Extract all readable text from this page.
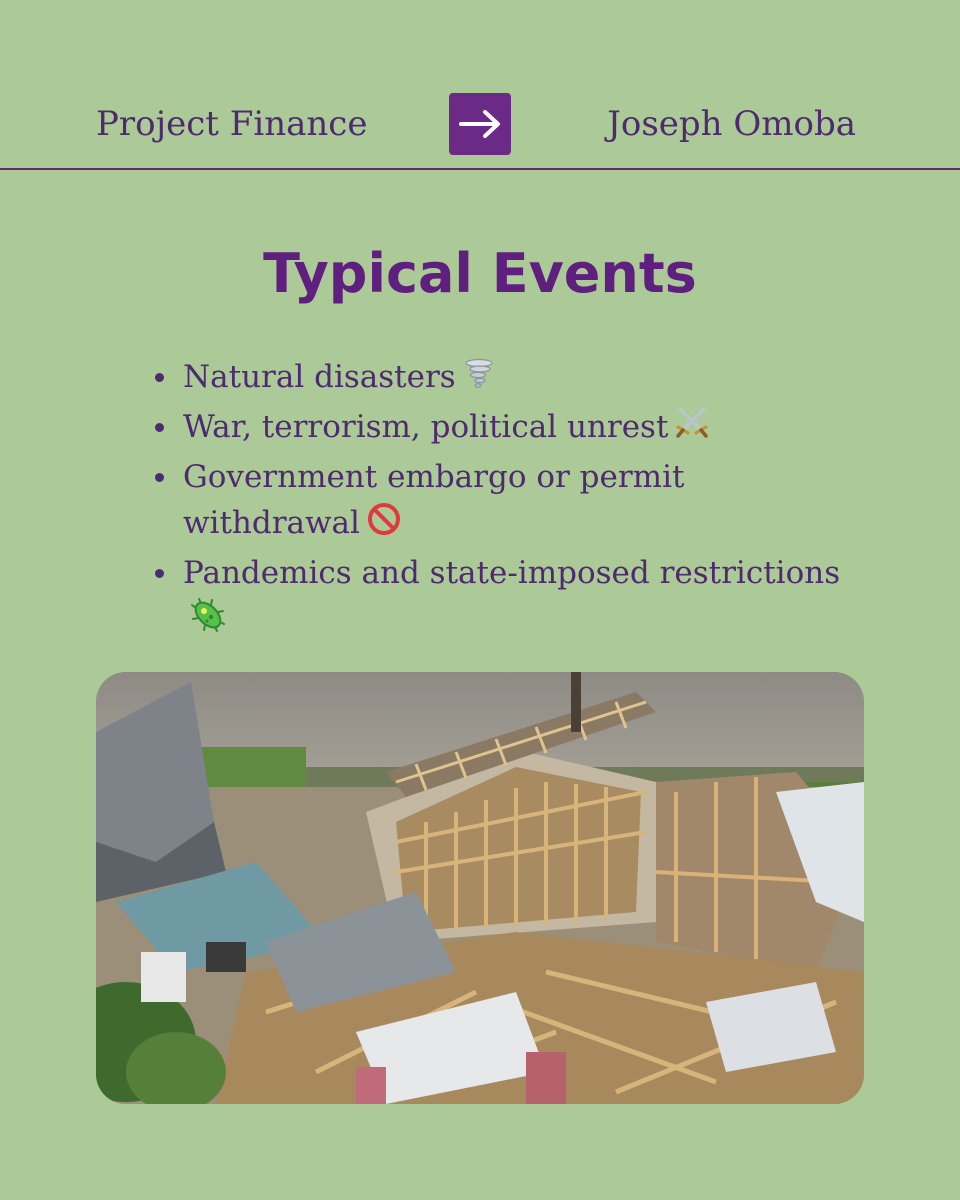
Project Finance	Joseph Omoba
Typical Events
Natural disasters
War, terrorism, political unrest
Government embargo or permit withdrawal
Pandemics and state-imposed restrictions
